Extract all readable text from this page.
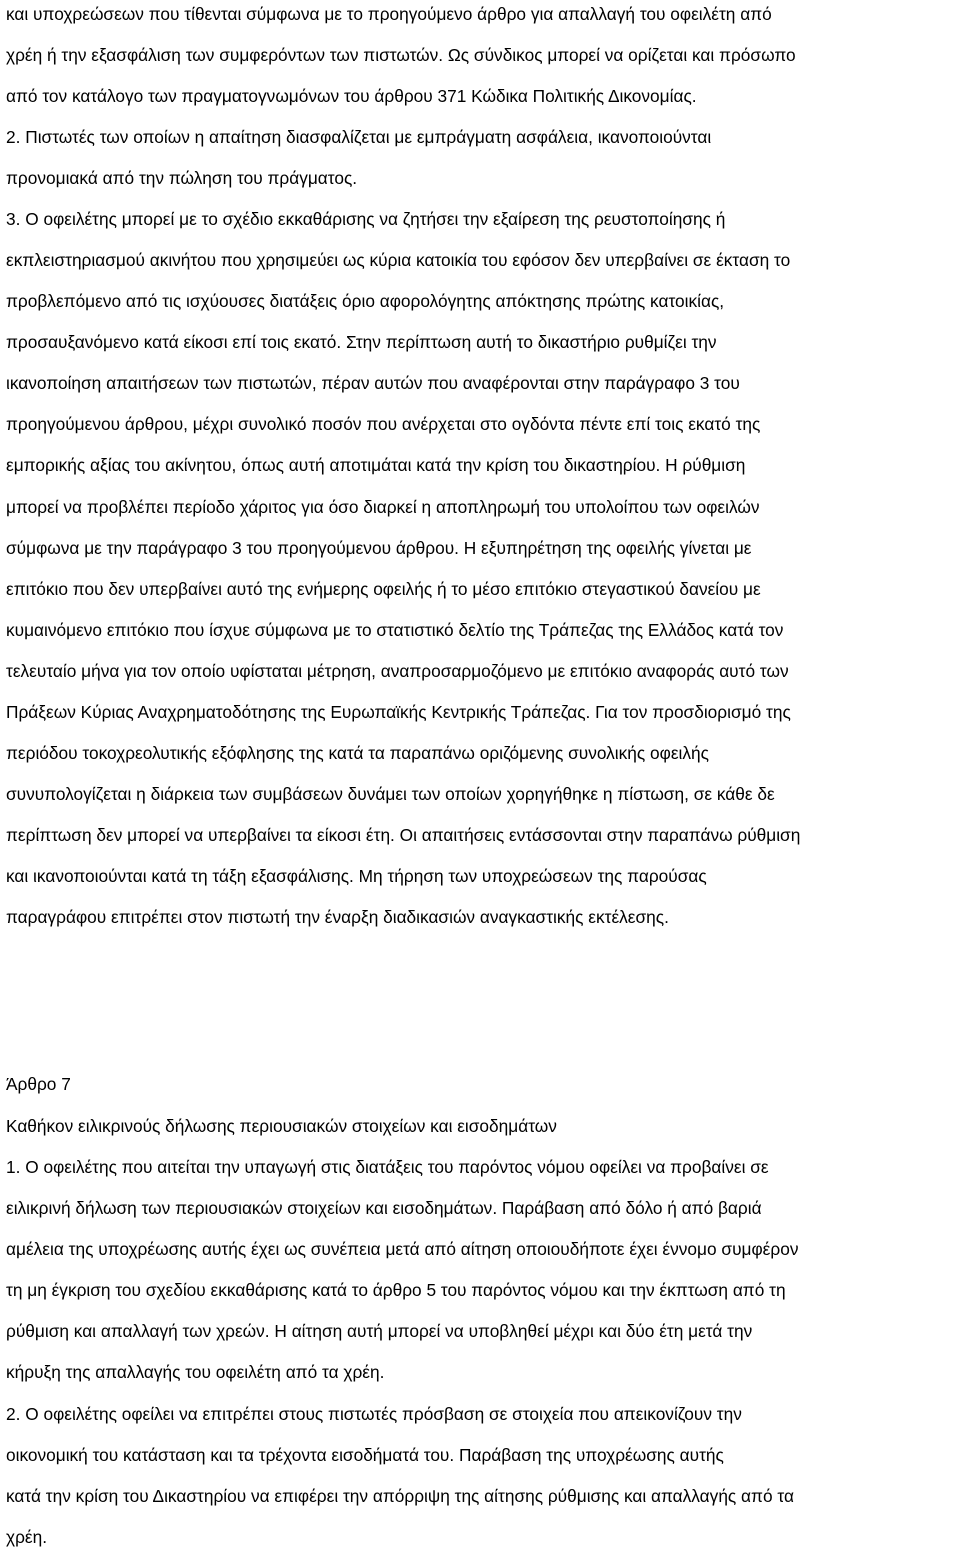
και υποχρεώσεων που τίθενται σύμφωνα με το προηγούμενο άρθρο για απαλλαγή του οφειλέτη από
χρέη ή την εξασφάλιση των συμφερόντων των πιστωτών. Ως σύνδικος μπορεί να ορίζεται και πρόσωπο
από τον κατάλογο των πραγματογνωμόνων του άρθρου 371 Κώδικα Πολιτικής Δικονομίας.
2. Πιστωτές των οποίων η απαίτηση διασφαλίζεται με εμπράγματη ασφάλεια, ικανοποιούνται
προνομιακά από την πώληση του πράγματος.
3. Ο οφειλέτης μπορεί με το σχέδιο εκκαθάρισης να ζητήσει την εξαίρεση της ρευστοποίησης ή
εκπλειστηριασμού ακινήτου που χρησιμεύει ως κύρια κατοικία του εφόσον δεν υπερβαίνει σε έκταση το
προβλεπόμενο από τις ισχύουσες διατάξεις όριο αφορολόγητης απόκτησης πρώτης κατοικίας,
προσαυξανόμενο κατά είκοσι επί τοις εκατό. Στην περίπτωση αυτή το δικαστήριο ρυθμίζει την
ικανοποίηση απαιτήσεων των πιστωτών, πέραν αυτών που αναφέρονται στην παράγραφο 3 του
προηγούμενου άρθρου, μέχρι συνολικό ποσόν που ανέρχεται στο ογδόντα πέντε επί τοις εκατό της
εμπορικής αξίας του ακίνητου, όπως αυτή αποτιμάται κατά την κρίση του δικαστηρίου. Η ρύθμιση
μπορεί να προβλέπει περίοδο χάριτος για όσο διαρκεί η αποπληρωμή του υπολοίπου των οφειλών
σύμφωνα με την παράγραφο 3 του προηγούμενου άρθρου. Η εξυπηρέτηση της οφειλής γίνεται με
επιτόκιο που δεν υπερβαίνει αυτό της ενήμερης οφειλής ή το μέσο επιτόκιο στεγαστικού δανείου με
κυμαινόμενο επιτόκιο που ίσχυε σύμφωνα με το στατιστικό δελτίο της Τράπεζας της Ελλάδος κατά τον
τελευταίο μήνα για τον οποίο υφίσταται μέτρηση, αναπροσαρμοζόμενο με επιτόκιο αναφοράς αυτό των
Πράξεων Κύριας Αναχρηματοδότησης της Ευρωπαϊκής Κεντρικής Τράπεζας. Για τον προσδιορισμό της
περιόδου τοκοχρεολυτικής εξόφλησης της κατά τα παραπάνω οριζόμενης συνολικής οφειλής
συνυπολογίζεται η διάρκεια των συμβάσεων δυνάμει των οποίων χορηγήθηκε η πίστωση, σε κάθε δε
περίπτωση δεν μπορεί να υπερβαίνει τα είκοσι έτη. Οι απαιτήσεις εντάσσονται στην παραπάνω ρύθμιση
και ικανοποιούνται κατά τη τάξη εξασφάλισης. Μη τήρηση των υποχρεώσεων της παρούσας
παραγράφου επιτρέπει στον πιστωτή την έναρξη διαδικασιών αναγκαστικής εκτέλεσης.
Άρθρο 7
Καθήκον ειλικρινούς δήλωσης περιουσιακών στοιχείων και εισοδημάτων
1. Ο οφειλέτης που αιτείται την υπαγωγή στις διατάξεις του παρόντος νόμου οφείλει να προβαίνει σε
ειλικρινή δήλωση των περιουσιακών στοιχείων και εισοδημάτων. Παράβαση από δόλο ή από βαριά
αμέλεια της υποχρέωσης αυτής έχει ως συνέπεια μετά από αίτηση οποιουδήποτε έχει έννομο συμφέρον
τη μη έγκριση του σχεδίου εκκαθάρισης κατά το άρθρο 5 του παρόντος νόμου και την έκπτωση από τη
ρύθμιση και απαλλαγή των χρεών. Η αίτηση αυτή μπορεί να υποβληθεί μέχρι και δύο έτη μετά την
κήρυξη της απαλλαγής του οφειλέτη από τα χρέη.
2. Ο οφειλέτης οφείλει να επιτρέπει στους πιστωτές πρόσβαση σε στοιχεία που απεικονίζουν την
οικονομική του κατάσταση και τα τρέχοντα εισοδήματά του. Παράβαση της υποχρέωσης αυτής
κατά την κρίση του Δικαστηρίου να επιφέρει την απόρριψη της αίτησης ρύθμισης και απαλλαγής από τα
χρέη.
